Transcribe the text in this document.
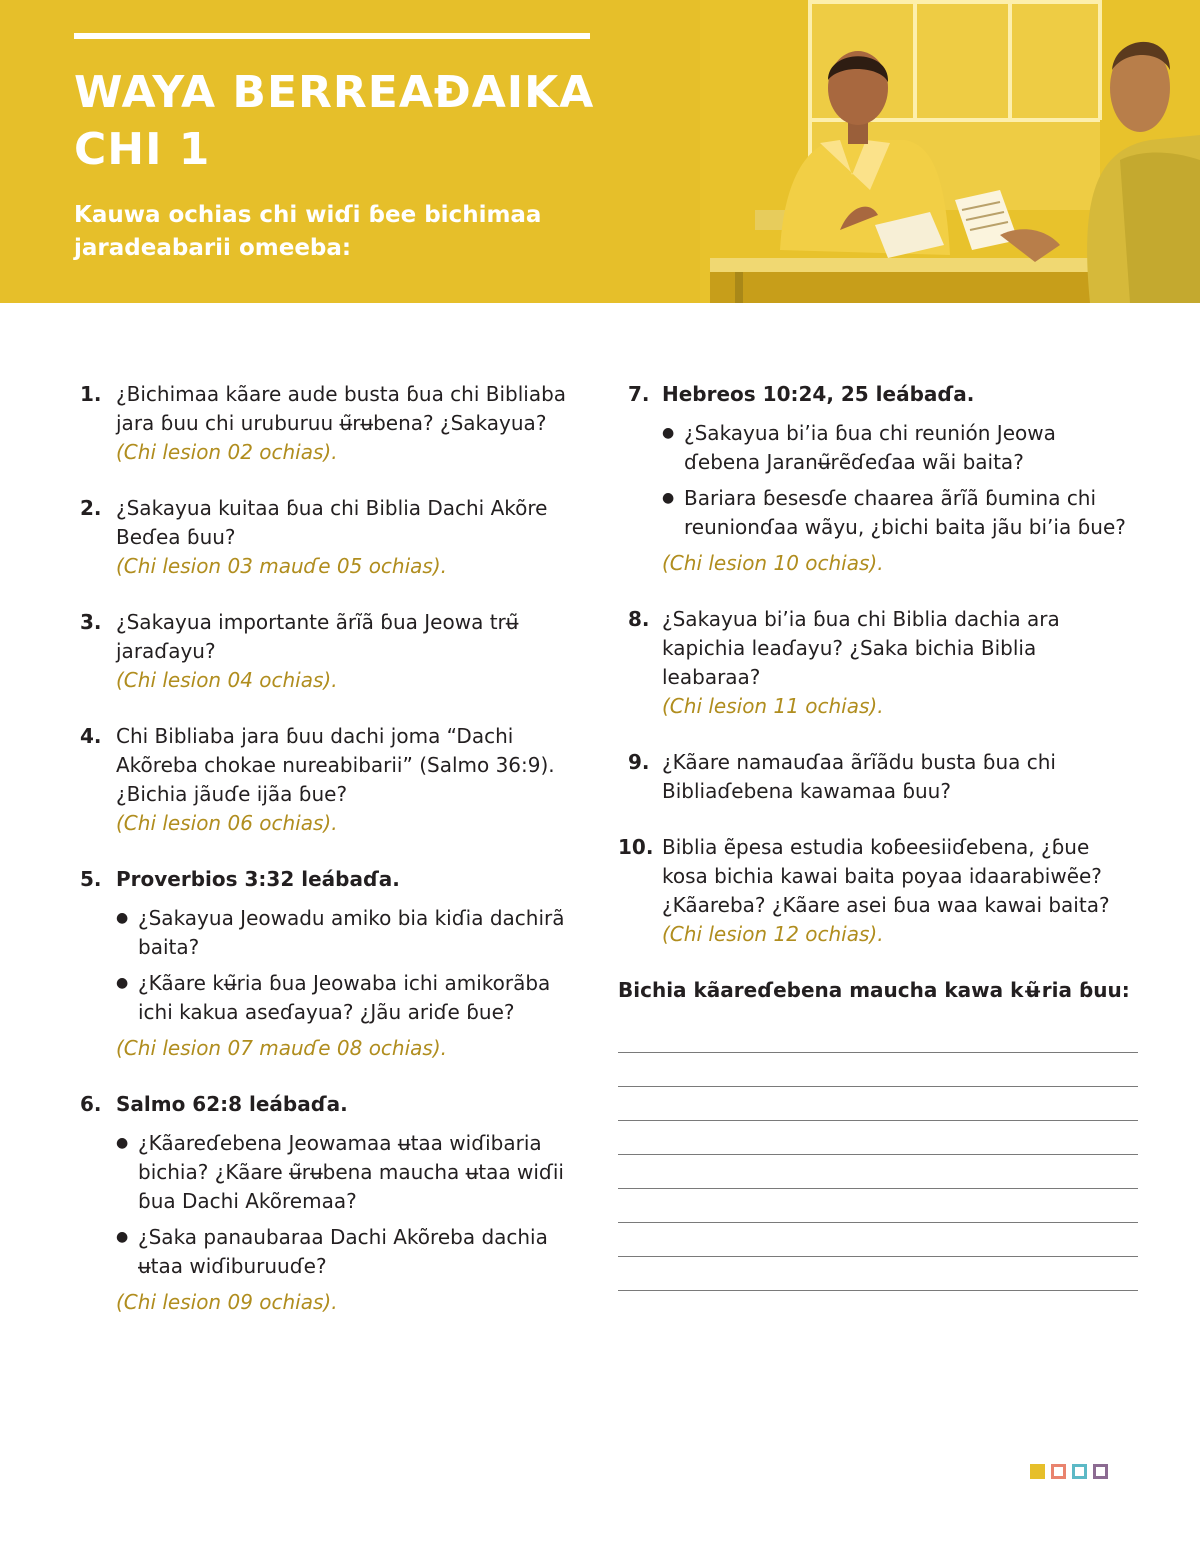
WAYA BERREAƉAIKA CHI 1

Kauwa ochias chi wiɗi ɓee bichimaa jaradeabarii omeeba:

1. ¿Bichimaa kãare aude busta ɓua chi Bibliaba jara ɓuu chi uruburuu ʉ̃rʉbena? ¿Sakayua?
(Chi lesion 02 ochias).
2. ¿Sakayua kuitaa ɓua chi Biblia Dachi Akõre Beɗea ɓuu?
(Chi lesion 03 mauɗe 05 ochias).
3. ¿Sakayua importante ãrĩã ɓua Jeowa trʉ̃ jaraɗayu?
(Chi lesion 04 ochias).
4. Chi Bibliaba jara ɓuu dachi joma “Dachi Akõreba chokae nureabibarii” (Salmo 36:9). ¿Bichia jãuɗe ijãa ɓue?
(Chi lesion 06 ochias).
5. Proverbios 3:32 leábaɗa.
● ¿Sakayua Jeowadu amiko bia kiɗia dachirã baita?
● ¿Kãare kʉ̃ria ɓua Jeowaba ichi amikorãba ichi kakua aseɗayua? ¿Jãu ariɗe ɓue?
(Chi lesion 07 mauɗe 08 ochias).
6. Salmo 62:8 leábaɗa.
● ¿Kãareɗebena Jeowamaa ʉtaa wiɗibaria bichia? ¿Kãare ʉ̃rʉbena maucha ʉtaa wiɗii ɓua Dachi Akõremaa?
● ¿Saka panaubaraa Dachi Akõreba dachia ʉtaa wiɗiburuuɗe?
(Chi lesion 09 ochias).
7. Hebreos 10:24, 25 leábaɗa.
● ¿Sakayua bi’ia ɓua chi reunión Jeowa ɗebena Jaranʉ̃rẽɗeɗaa wãi baita?
● Bariara ɓesesɗe chaarea ãrĩã ɓumina chi reunionɗaa wãyu, ¿bichi baita jãu bi’ia ɓue?
(Chi lesion 10 ochias).
8. ¿Sakayua bi’ia ɓua chi Biblia dachia ara kapichia leaɗayu? ¿Saka bichia Biblia leabaraa?
(Chi lesion 11 ochias).
9. ¿Kãare namauɗaa ãrĩãdu busta ɓua chi Bibliaɗebena kawamaa ɓuu?
10. Biblia ẽpesa estudia koɓeesiiɗebena, ¿ɓue kosa bichia kawai baita poyaa idaarabiwẽe? ¿Kãareba? ¿Kãare asei ɓua waa kawai baita?
(Chi lesion 12 ochias).
Bichia kãareɗebena maucha kawa kʉ̃ria ɓuu:
